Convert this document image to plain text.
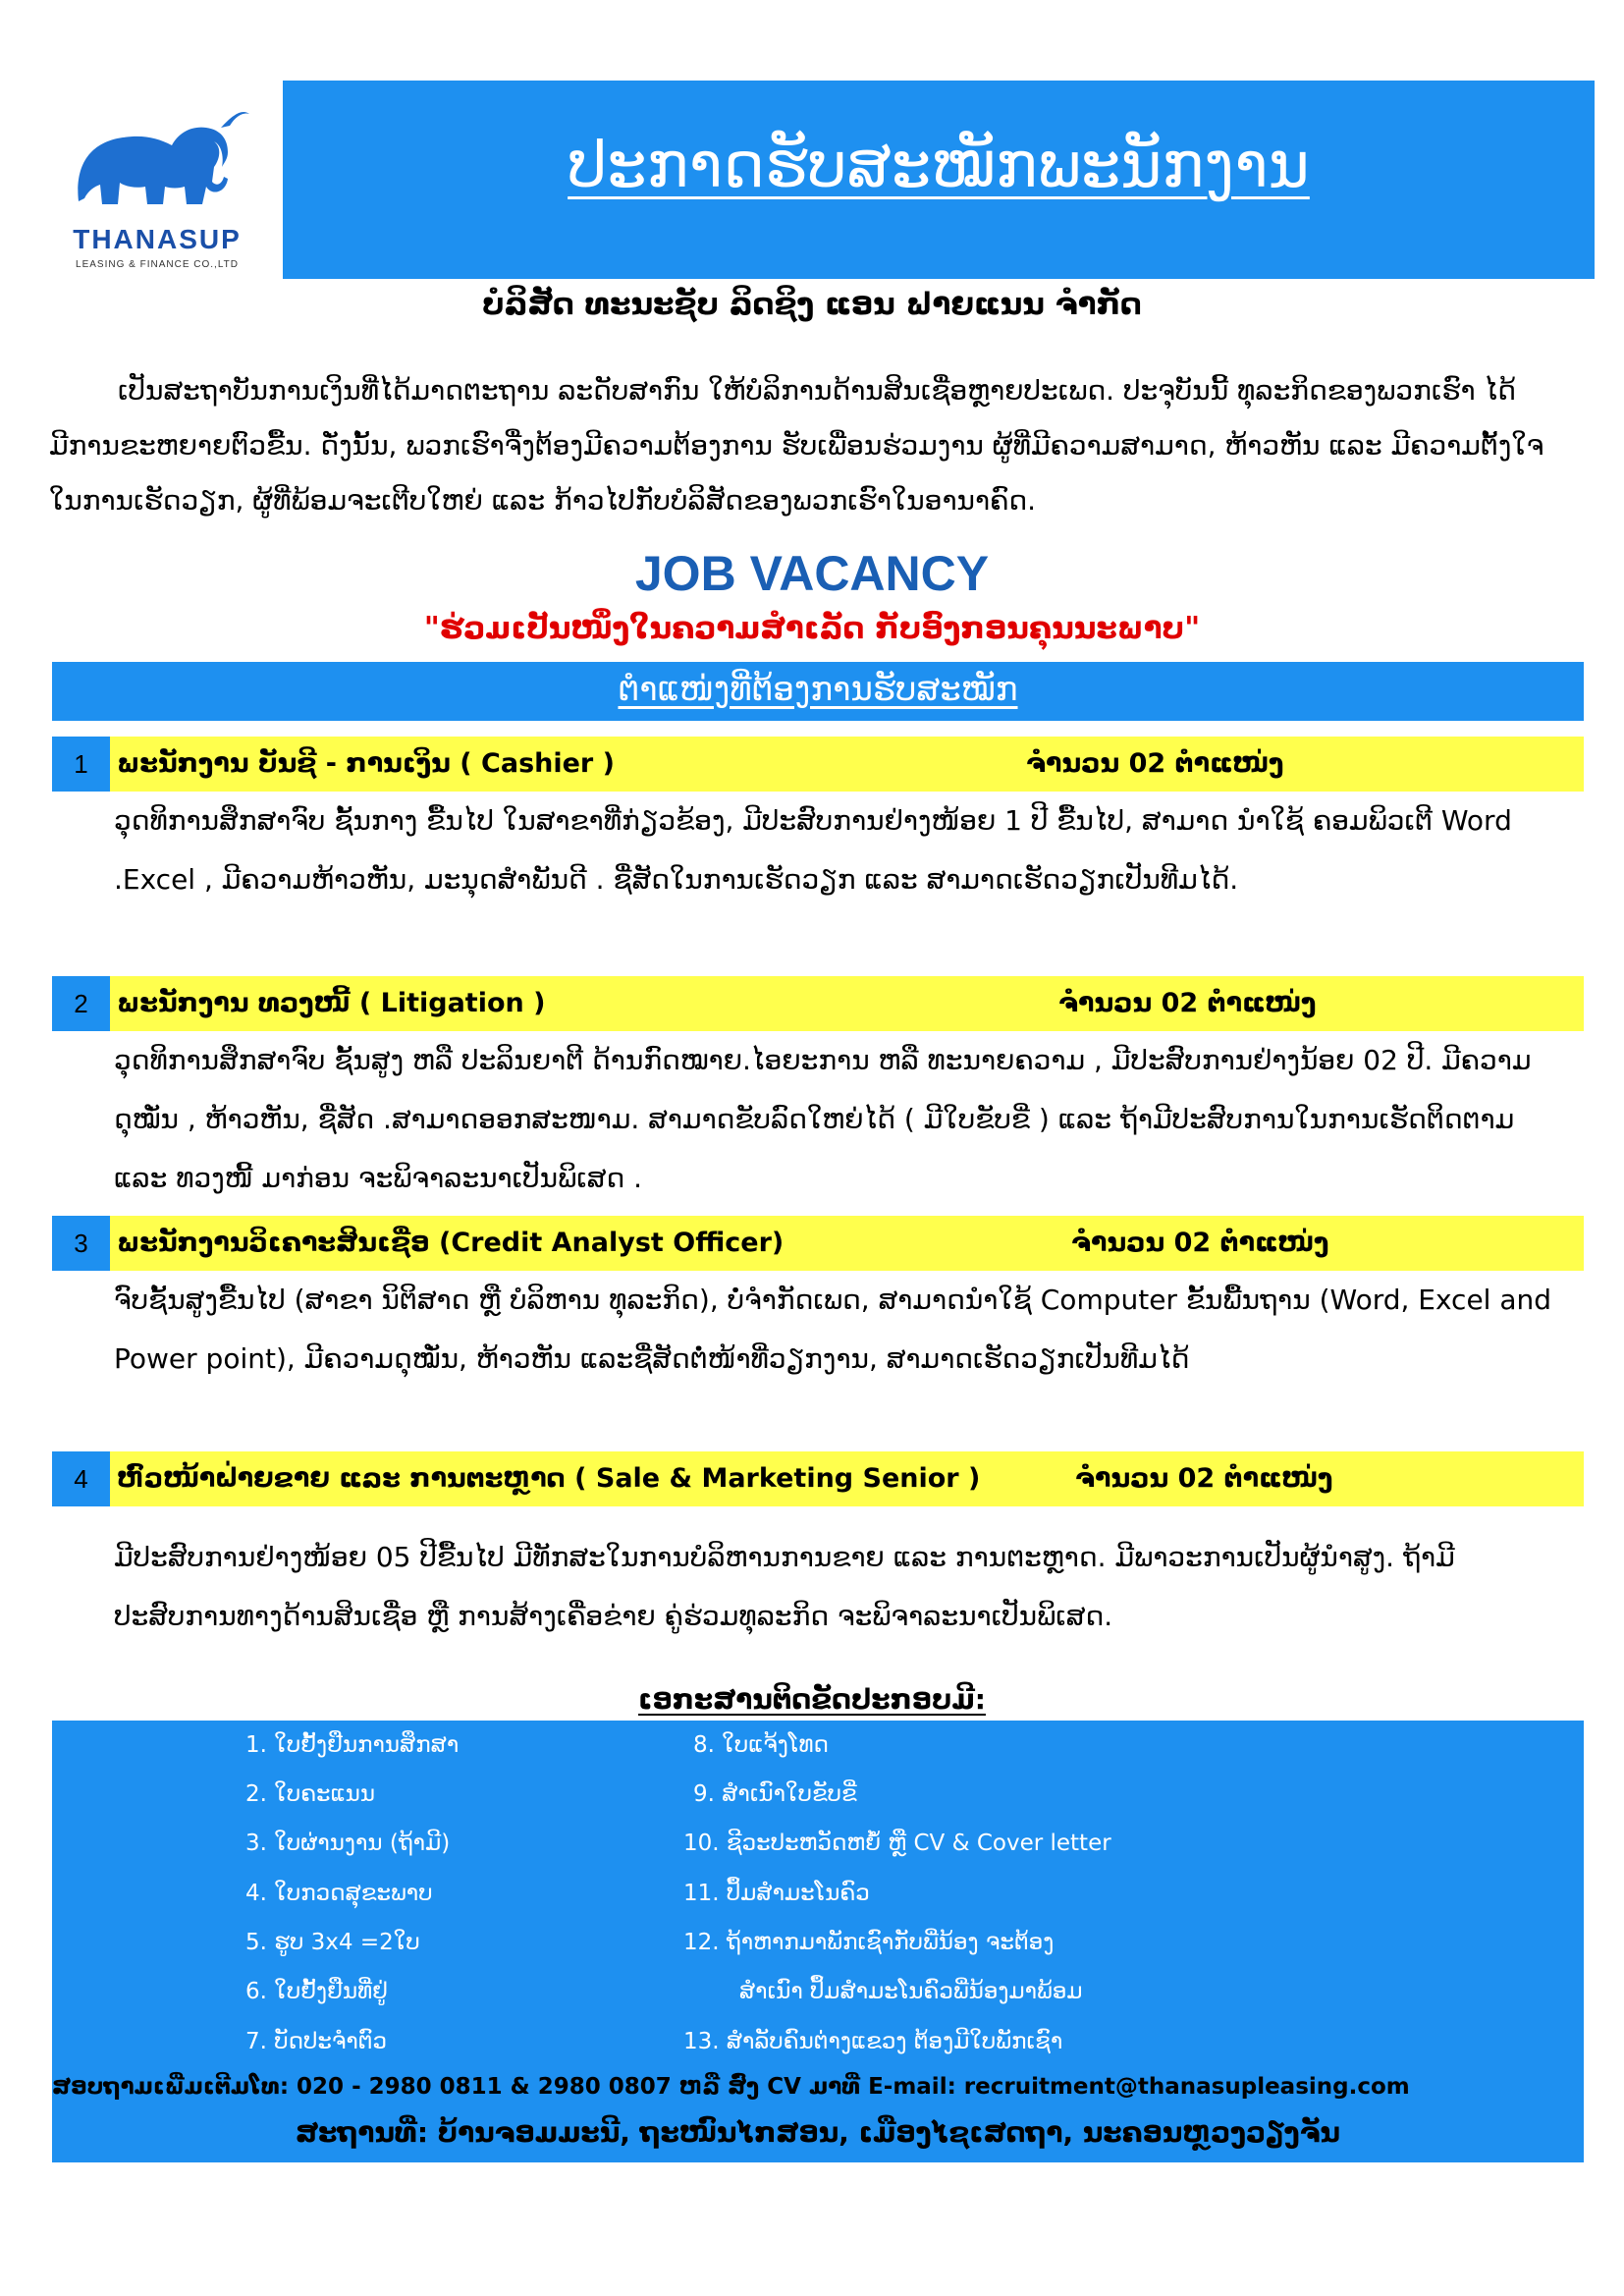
THANASUP
LEASING & FINANCE CO.,LTD
ປະກາດຮັບສະໝັກພະນັກງານ
ບໍລິສັດ ທະນະຊັບ ລິດຊິງ ແອນ ຟາຍແນນ ຈຳກັດ
ເປັນສະຖາບັນການເງິນທີ່ໄດ້ມາດຕະຖານ ລະດັບສາກົນ ໃຫ້ບໍລິການດ້ານສິນເຊື່ອຫຼາຍປະເພດ. ປະຈຸບັນນີ້ ທຸລະກິດຂອງພວກເຮົາ ໄດ້ມີການຂະຫຍາຍຕົວຂື້ນ. ດັ່ງນັ້ນ, ພວກເຮົາຈື່ງຕ້ອງມີຄວາມຕ້ອງການ ຮັບເພື່ອນຮ່ວມງານ ຜູ້ທີ່ມີຄວາມສາມາດ, ຫ້າວຫັນ ແລະ ມີຄວາມຕັ້ງໃຈໃນການເຮັດວຽກ, ຜູ້ທີ່ພ້ອມຈະເຕີບໃຫຍ່ ແລະ ກ້າວໄປກັບບໍລິສັດຂອງພວກເຮົາໃນອານາຄົດ.
JOB VACANCY
"ຮ່ວມເປັນໜຶ່ງໃນຄວາມສຳເລັດ ກັບອົງກອນຄຸນນະພາບ"
ຕຳແໜ່ງທີ່ຕ້ອງການຮັບສະໝັກ
1	ພະນັກງານ ບັນຊີ - ການເງິນ ( Cashier )	ຈຳນວນ 02 ຕຳແໜ່ງ
ວຸດທິການສຶກສາຈົບ ຊັ້ນກາງ ຂື້ນໄປ ໃນສາຂາທີ່ກ່ຽວຂ້ອງ, ມີປະສົບການຢ່າງໜ້ອຍ 1 ປີ ຂື້ນໄປ, ສາມາດ ນຳໃຊ້ ຄອມພິວເຕີ Word .Excel , ມີຄວາມຫ້າວຫັນ, ມະນຸດສຳພັນດີ . ຊື່ສັດໃນການເຮັດວຽກ ແລະ ສາມາດເຮັດວຽກເປັນທີມໄດ້.
2	ພະນັກງານ ທວງໜີ້ ( Litigation )	ຈຳນວນ 02 ຕຳແໜ່ງ
ວຸດທິການສຶກສາຈົບ ຊັ້ນສູງ ຫລື ປະລິນຍາຕີ ດ້ານກົດໝາຍ.ໄອຍະການ ຫລື ທະນາຍຄວາມ , ມີປະສົບການຢ່າງນ້ອຍ 02 ປີ. ມີຄວາມດຸໝັ່ນ , ຫ້າວຫັນ, ຊື່ສັດ .ສາມາດອອກສະໜາມ. ສາມາດຂັບລົດໃຫຍ່ໄດ້ ( ມີໃບຂັບຂີ່ ) ແລະ ຖ້າມີປະສົບການໃນການເຮັດຕິດຕາມ ແລະ ທວງໜີ້ ມາກ່ອນ ຈະພິຈາລະນາເປັນພິເສດ .
3	ພະນັກງານວິເຄາະສິນເຊື່ອ (Credit Analyst Officer)	ຈຳນວນ 02 ຕຳແໜ່ງ
ຈົບຊັ້ນສູງຂື້ນໄປ (ສາຂາ ນິຕິສາດ ຫຼື ບໍລິຫານ ທຸລະກິດ), ບໍ່ຈຳກັດເພດ, ສາມາດນຳໃຊ້ Computer ຂັ້ນພື້ນຖານ (Word, Excel and Power point), ມີຄວາມດຸໝັ່ນ, ຫ້າວຫັນ ແລະຊື່ສັດຕໍ່ໜ້າທີ່ວຽກງານ, ສາມາດເຮັດວຽກເປັນທີມໄດ້
4	ຫົວໜ້າຝ່າຍຂາຍ ແລະ ການຕະຫຼາດ ( Sale & Marketing Senior )	ຈຳນວນ 02 ຕຳແໜ່ງ
ມີປະສົບການຢ່າງໜ້ອຍ 05 ປີຂື້ນໄປ ມີທັກສະໃນການບໍລິຫານການຂາຍ ແລະ ການຕະຫຼາດ. ມີພາວະການເປັນຜູ້ນຳສູງ. ຖ້າມີປະສົບການທາງດ້ານສິນເຊື່ອ ຫຼື ການສ້າງເຄື່ອຂ່າຍ ຄູ່ຮ່ວມທຸລະກິດ ຈະພິຈາລະນາເປັນພິເສດ.
ເອກະສານຕິດຂັດປະກອບມີ:
1. ໃບຢັ້ງຢືນການສຶກສາ
2. ໃບຄະແນນ
3. ໃບຜ່ານງານ (ຖ້າມີ)
4. ໃບກວດສຸຂະພາບ
5. ຮູບ 3x4 =2ໃບ
6. ໃບຢັ້ງຢືນທີ່ຢູ່
7. ບັດປະຈຳຕົວ
8. ໃບແຈ້ງໂທດ
9. ສຳເນົາໃບຂັບຂີ່
10. ຊີວະປະຫວັດຫຍໍ້ ຫຼື CV & Cover letter
11. ປຶ້ມສຳມະໂນຄົວ
12. ຖ້າຫາກມາພັກເຊົາກັບພີ່ນ້ອງ ຈະຕ້ອງ
ສຳເນົາ ປຶ້ມສຳມະໂນຄົວພີ່ນ້ອງມາພ້ອມ
13. ສຳລັບຄົນຕ່າງແຂວງ ຕ້ອງມີໃບພັກເຊົາ
ສອບຖາມເພີ່ມເຕີມໂທ: 020 - 2980 0811 & 2980 0807 ຫລື ສົ່ງ CV ມາທີ່ E-mail: recruitment@thanasupleasing.com
ສະຖານທີ່: ບ້ານຈອມມະນີ, ຖະໜົນໄກສອນ, ເມືອງໄຊເສດຖາ, ນະຄອນຫຼວງວຽງຈັນ
